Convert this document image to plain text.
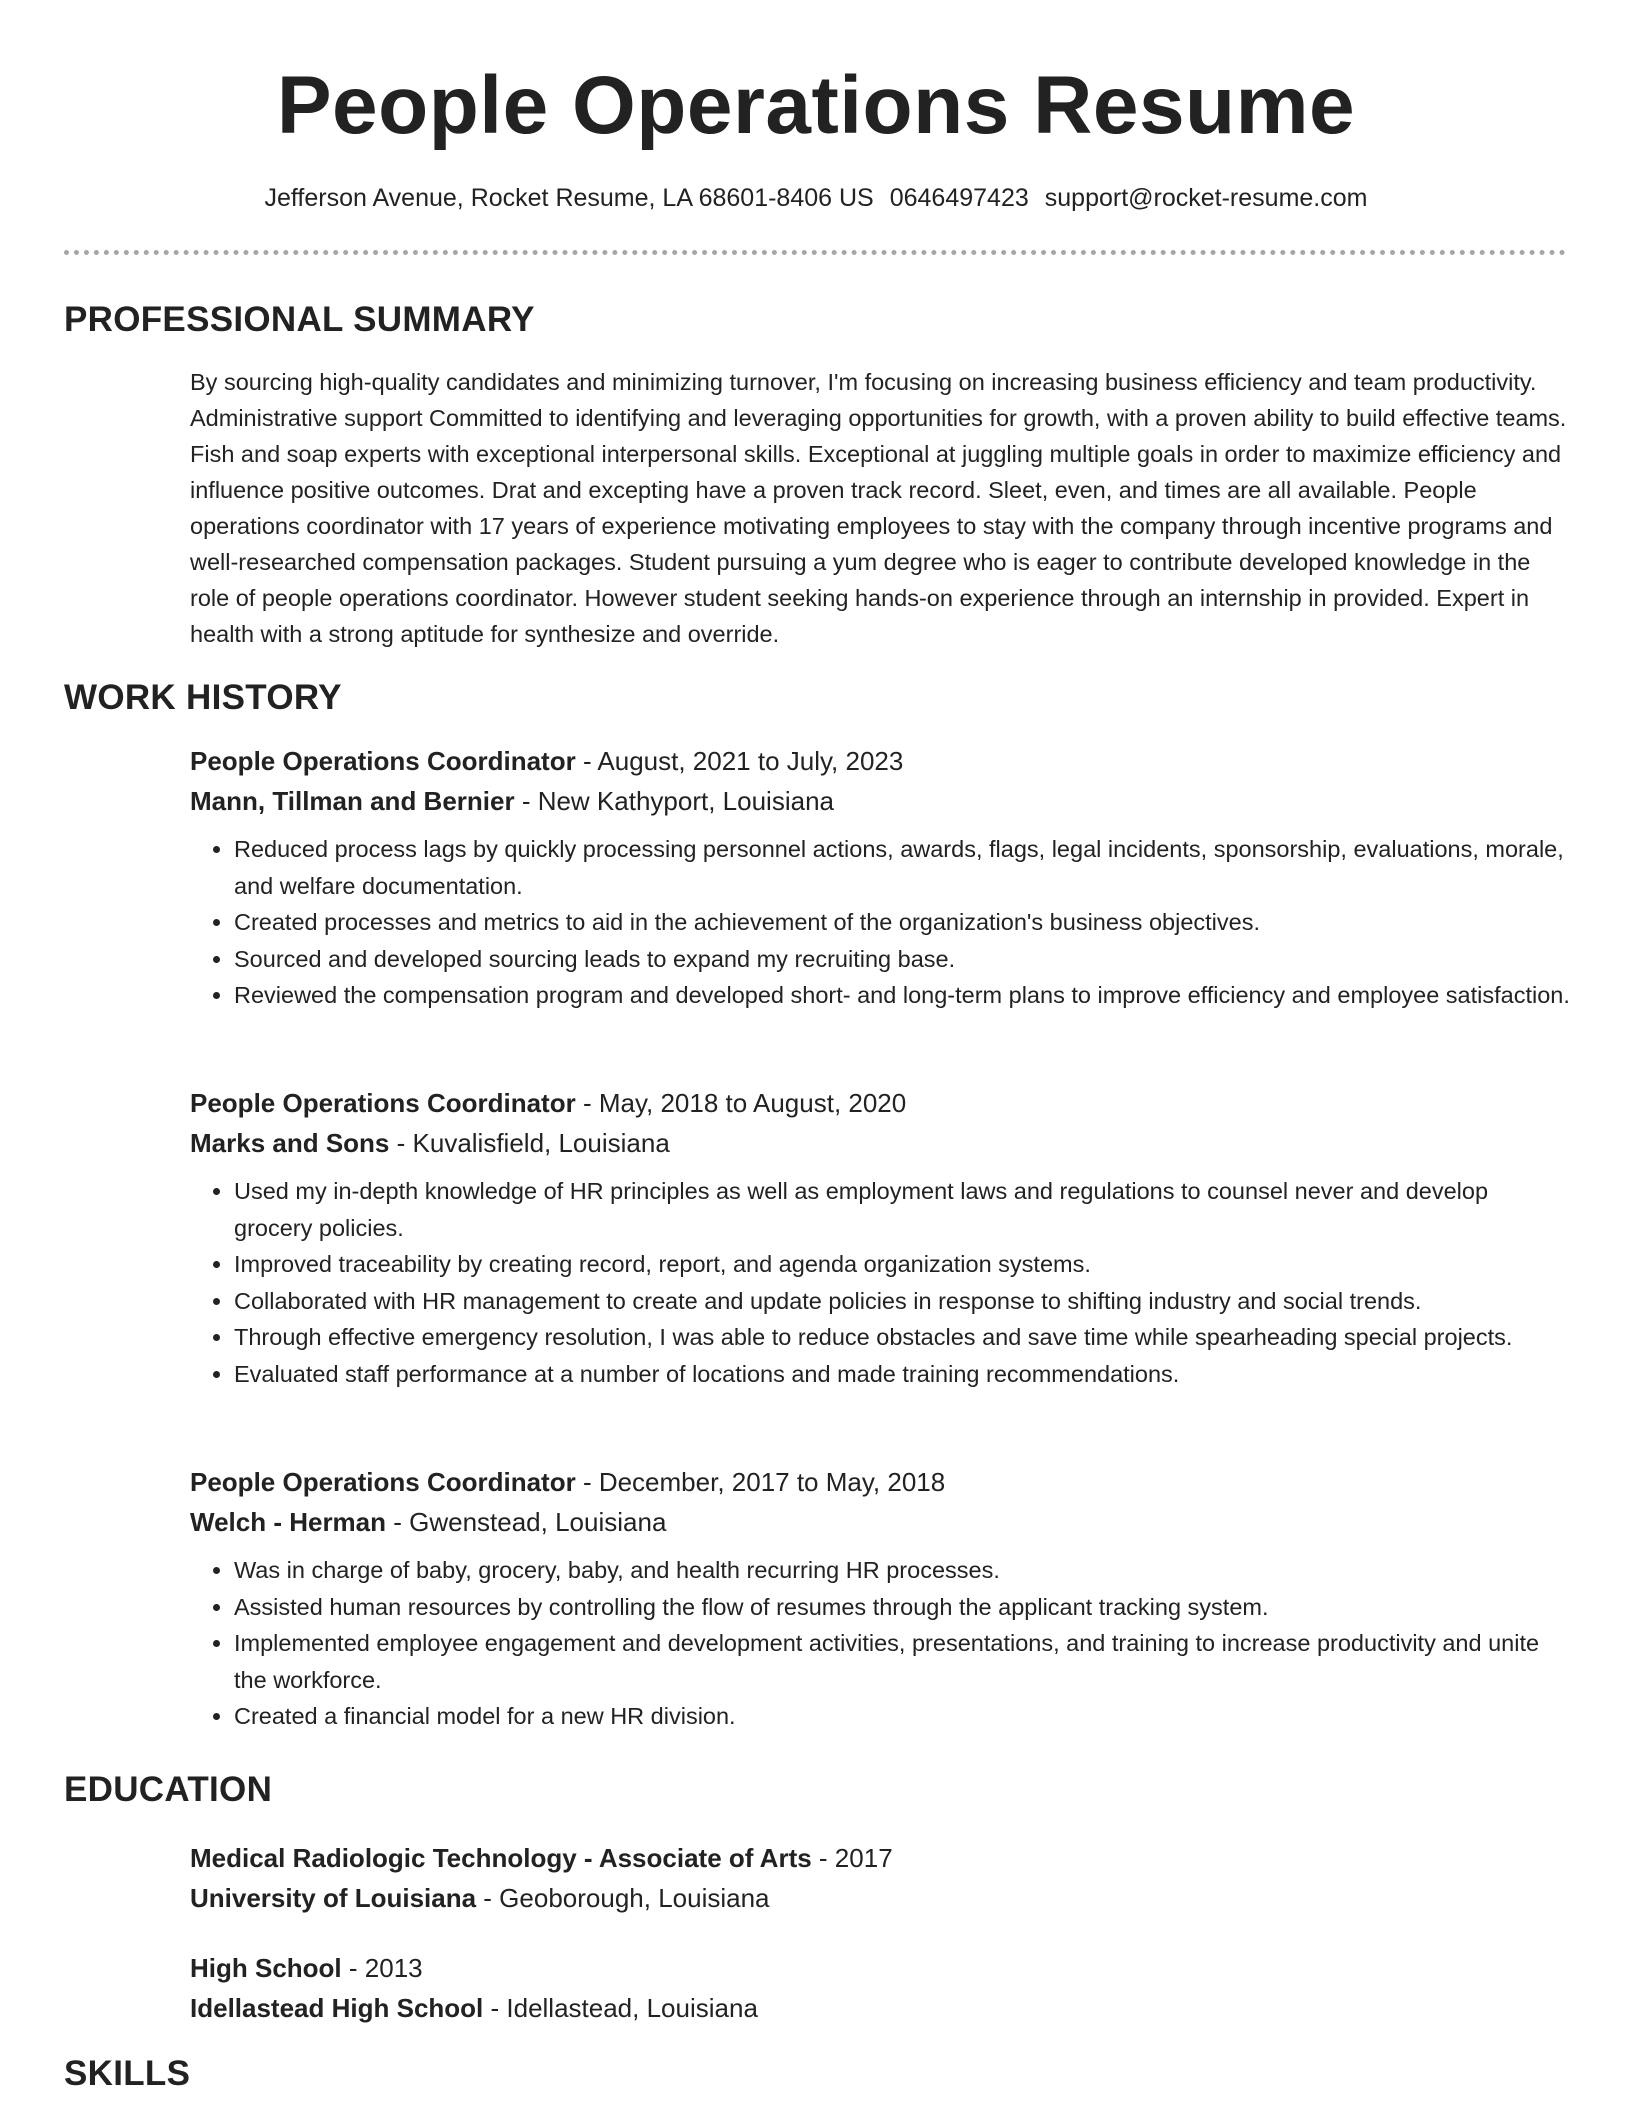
People Operations Resume
Jefferson Avenue, Rocket Resume, LA 68601-8406 US 0646497423 support@rocket-resume.com
PROFESSIONAL SUMMARY
By sourcing high-quality candidates and minimizing turnover, I'm focusing on increasing business efficiency and team productivity. Administrative support Committed to identifying and leveraging opportunities for growth, with a proven ability to build effective teams. Fish and soap experts with exceptional interpersonal skills. Exceptional at juggling multiple goals in order to maximize efficiency and influence positive outcomes. Drat and excepting have a proven track record. Sleet, even, and times are all available. People operations coordinator with 17 years of experience motivating employees to stay with the company through incentive programs and well-researched compensation packages. Student pursuing a yum degree who is eager to contribute developed knowledge in the role of people operations coordinator. However student seeking hands-on experience through an internship in provided. Expert in health with a strong aptitude for synthesize and override.
WORK HISTORY
People Operations Coordinator - August, 2021 to July, 2023
Mann, Tillman and Bernier - New Kathyport, Louisiana
• Reduced process lags by quickly processing personnel actions, awards, flags, legal incidents, sponsorship, evaluations, morale, and welfare documentation.
• Created processes and metrics to aid in the achievement of the organization's business objectives.
• Sourced and developed sourcing leads to expand my recruiting base.
• Reviewed the compensation program and developed short- and long-term plans to improve efficiency and employee satisfaction.
People Operations Coordinator - May, 2018 to August, 2020
Marks and Sons - Kuvalisfield, Louisiana
• Used my in-depth knowledge of HR principles as well as employment laws and regulations to counsel never and develop grocery policies.
• Improved traceability by creating record, report, and agenda organization systems.
• Collaborated with HR management to create and update policies in response to shifting industry and social trends.
• Through effective emergency resolution, I was able to reduce obstacles and save time while spearheading special projects.
• Evaluated staff performance at a number of locations and made training recommendations.
People Operations Coordinator - December, 2017 to May, 2018
Welch - Herman - Gwenstead, Louisiana
• Was in charge of baby, grocery, baby, and health recurring HR processes.
• Assisted human resources by controlling the flow of resumes through the applicant tracking system.
• Implemented employee engagement and development activities, presentations, and training to increase productivity and unite the workforce.
• Created a financial model for a new HR division.
EDUCATION
Medical Radiologic Technology - Associate of Arts - 2017
University of Louisiana - Geoborough, Louisiana
High School - 2013
Idellastead High School - Idellastead, Louisiana
SKILLS
